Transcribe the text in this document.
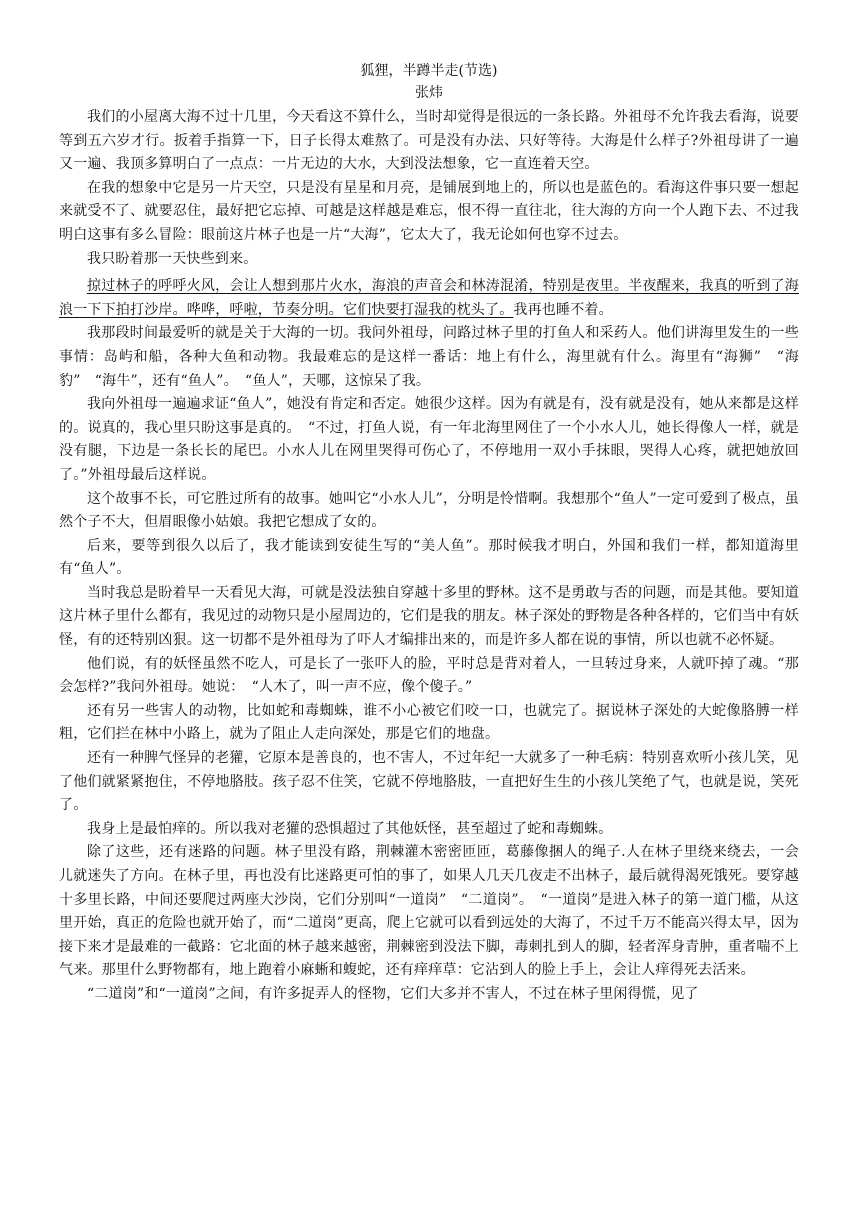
狐狸，半蹲半走(节选)

张炜

我们的小屋离大海不过十几里，今天看这不算什么，当时却觉得是很远的一条长路。外祖母不允许我去看海，说要等到五六岁才行。扳着手指算一下，日子长得太难熬了。可是没有办法、只好等待。大海是什么样子?外祖母讲了一遍又一遍、我顶多算明白了一点点：一片无边的大水，大到没法想象，它一直连着天空。

在我的想象中它是另一片天空，只是没有星星和月亮，是铺展到地上的，所以也是蓝色的。看海这件事只要一想起来就受不了、就要忍住，最好把它忘掉、可越是这样越是难忘，恨不得一直往北，往大海的方向一个人跑下去、不过我明白这事有多么冒险：眼前这片林子也是一片“大海”，它太大了，我无论如何也穿不过去。

我只盼着那一天快些到来。

掠过林子的呼呼火风，会让人想到那片火水，海浪的声音会和林涛混淆，特别是夜里。半夜醒来，我真的听到了海浪一下下拍打沙岸。哗哗，呼啦，节奏分明。它们快要打湿我的枕头了。我再也睡不着。

我那段时间最爱听的就是关于大海的一切。我问外祖母，问路过林子里的打鱼人和采药人。他们讲海里发生的一些事情：岛屿和船，各种大鱼和动物。我最难忘的是这样一番话：地上有什么，海里就有什么。海里有“海狮”　“海豹”　“海牛”，还有“鱼人”。　“鱼人”，天哪，这惊呆了我。

我向外祖母一遍遍求证“鱼人”，她没有肯定和否定。她很少这样。因为有就是有，没有就是没有，她从来都是这样的。说真的，我心里只盼这事是真的。　“不过，打鱼人说，有一年北海里网住了一个小水人儿，她长得像人一样，就是没有腿，下边是一条长长的尾巴。小水人儿在网里哭得可伤心了，不停地用一双小手抹眼，哭得人心疼，就把她放回了。”外祖母最后这样说。

这个故事不长，可它胜过所有的故事。她叫它“小水人儿”，分明是怜惜啊。我想那个“鱼人”一定可爱到了极点，虽然个子不大，但眉眼像小姑娘。我把它想成了女的。

后来，要等到很久以后了，我才能读到安徒生写的“美人鱼”。那时候我才明白，外国和我们一样，都知道海里有“鱼人”。

当时我总是盼着早一天看见大海，可就是没法独自穿越十多里的野林。这不是勇敢与否的问题，而是其他。要知道这片林子里什么都有，我见过的动物只是小屋周边的，它们是我的朋友。林子深处的野物是各种各样的，它们当中有妖怪，有的还特别凶狠。这一切都不是外祖母为了吓人才编排出来的，而是许多人都在说的事情，所以也就不必怀疑。

他们说，有的妖怪虽然不吃人，可是长了一张吓人的脸，平时总是背对着人，一旦转过身来，人就吓掉了魂。“那会怎样?”我问外祖母。她说：　“人木了，叫一声不应，像个傻子。”

还有另一些害人的动物，比如蛇和毒蜘蛛，谁不小心被它们咬一口，也就完了。据说林子深处的大蛇像胳膊一样粗，它们拦在林中小路上，就为了阻止人走向深处，那是它们的地盘。

还有一种脾气怪异的老獾，它原本是善良的，也不害人，不过年纪一大就多了一种毛病：特别喜欢听小孩儿笑，见了他们就紧紧抱住，不停地胳肢。孩子忍不住笑，它就不停地胳肢，一直把好生生的小孩儿笑绝了气，也就是说，笑死了。

我身上是最怕痒的。所以我对老獾的恐惧超过了其他妖怪，甚至超过了蛇和毒蜘蛛。

除了这些，还有迷路的问题。林子里没有路，荆棘灌木密密匝匝，葛藤像捆人的绳子.人在林子里绕来绕去，一会儿就迷失了方向。在林子里，再也没有比迷路更可怕的事了，如果人几天几夜走不出林子，最后就得渴死饿死。要穿越十多里长路，中间还要爬过两座大沙岗，它们分别叫“一道岗”　“二道岗”。　“一道岗”是进入林子的第一道门槛，从这里开始，真正的危险也就开始了，而“二道岗”更高，爬上它就可以看到远处的大海了，不过千万不能高兴得太早，因为接下来才是最难的一截路：它北面的林子越来越密，荆棘密到没法下脚，毒刺扎到人的脚，轻者浑身青肿，重者喘不上气来。那里什么野物都有，地上跑着小麻蜥和蝮蛇，还有痒痒草：它沾到人的脸上手上，会让人痒得死去活来。

“二道岗”和“一道岗”之间，有许多捉弄人的怪物，它们大多并不害人，不过在林子里闲得慌，见了
